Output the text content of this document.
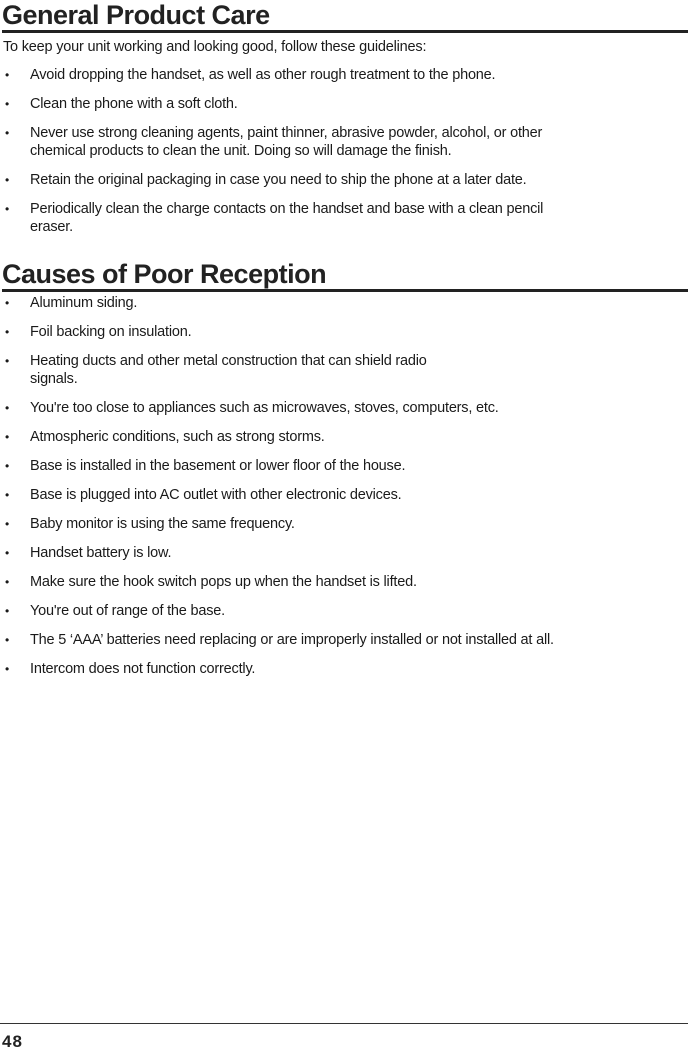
General Product Care

To keep your unit working and looking good, follow these guidelines:

• Avoid dropping the handset, as well as other rough treatment to the phone.
• Clean the phone with a soft cloth.
• Never use strong cleaning agents, paint thinner, abrasive powder, alcohol, or other chemical products to clean the unit. Doing so will damage the finish.
• Retain the original packaging in case you need to ship the phone at a later date.
• Periodically clean the charge contacts on the handset and base with a clean pencil eraser.
Causes of Poor Reception
• Aluminum siding.
• Foil backing on insulation.
• Heating ducts and other metal construction that can shield radio signals.
• You're too close to appliances such as microwaves, stoves, computers, etc.
• Atmospheric conditions, such as strong storms.
• Base is installed in the basement or lower floor of the house.
• Base is plugged into AC outlet with other electronic devices.
• Baby monitor is using the same frequency.
• Handset battery is low.
• Make sure the hook switch pops up when the handset is lifted.
• You're out of range of the base.
• The 5 ‘AAA’ batteries need replacing or are improperly installed or not installed at all.
• Intercom does not function correctly.
48
